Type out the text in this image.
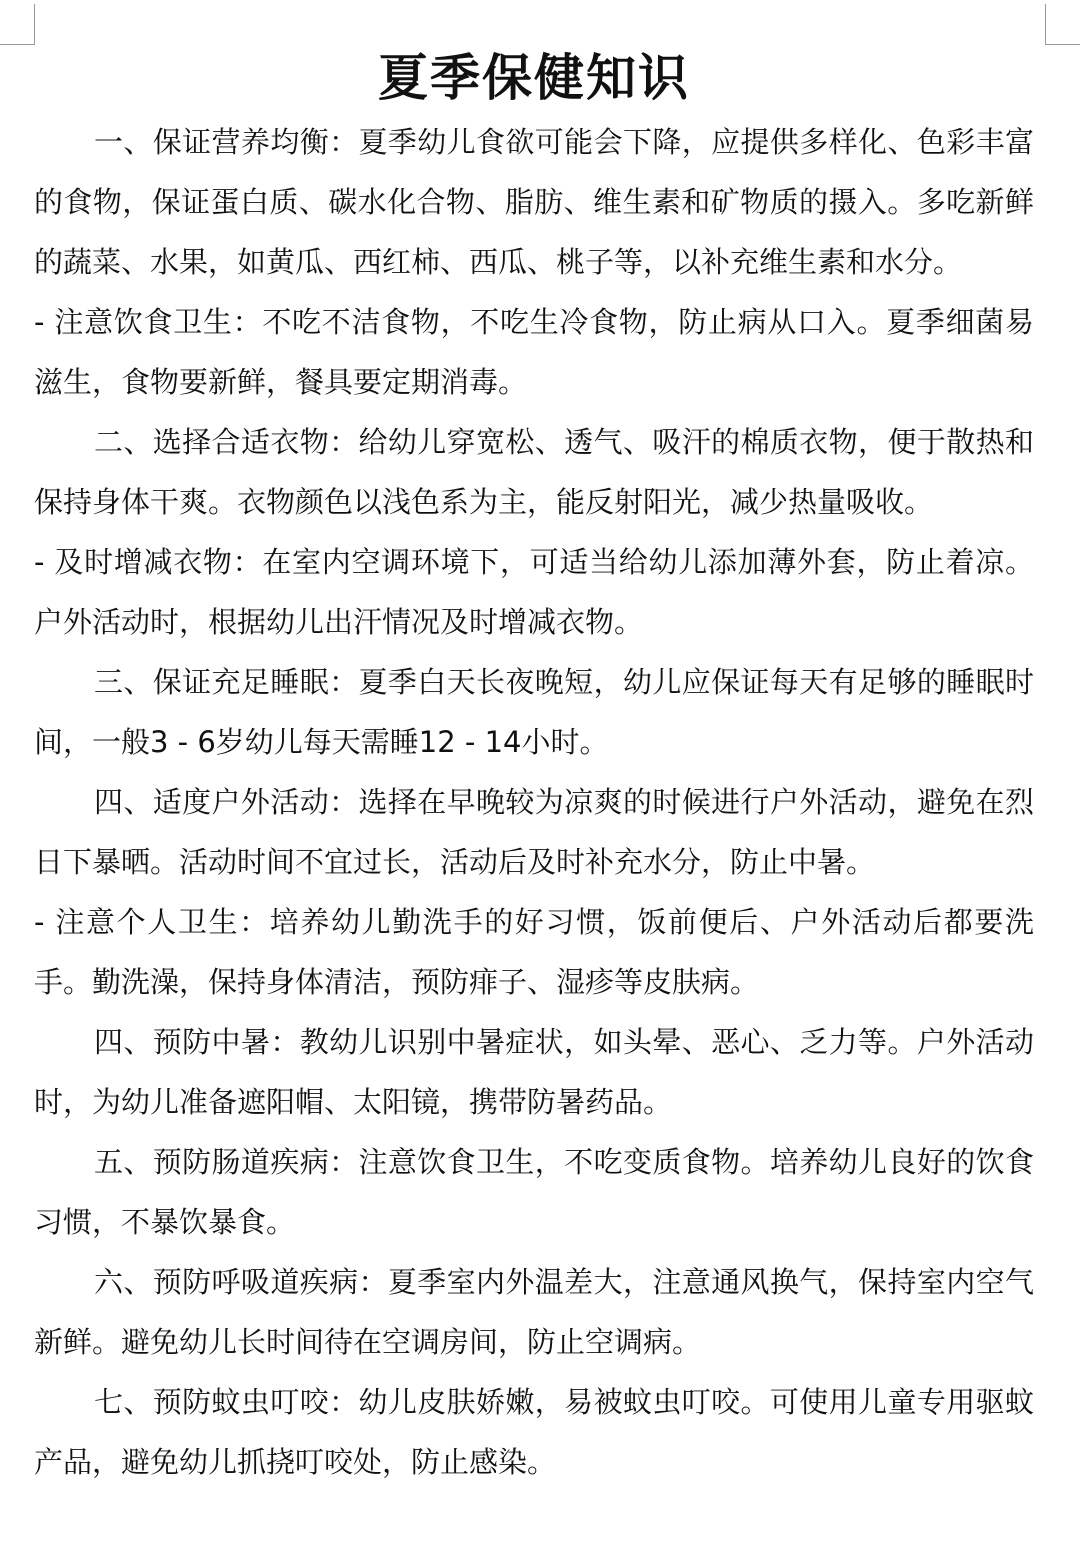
夏季保健知识

一、保证营养均衡：夏季幼儿食欲可能会下降，应提供多样化、色彩丰富的食物，保证蛋白质、碳水化合物、脂肪、维生素和矿物质的摄入。多吃新鲜的蔬菜、水果，如黄瓜、西红柿、西瓜、桃子等，以补充维生素和水分。

- 注意饮食卫生：不吃不洁食物，不吃生冷食物，防止病从口入。夏季细菌易滋生，食物要新鲜，餐具要定期消毒。

二、选择合适衣物：给幼儿穿宽松、透气、吸汗的棉质衣物，便于散热和保持身体干爽。衣物颜色以浅色系为主，能反射阳光，减少热量吸收。

- 及时增减衣物：在室内空调环境下，可适当给幼儿添加薄外套，防止着凉。户外活动时，根据幼儿出汗情况及时增减衣物。

三、保证充足睡眠：夏季白天长夜晚短，幼儿应保证每天有足够的睡眠时间，一般3 - 6岁幼儿每天需睡12 - 14小时。

四、适度户外活动：选择在早晚较为凉爽的时候进行户外活动，避免在烈日下暴晒。活动时间不宜过长，活动后及时补充水分，防止中暑。

- 注意个人卫生：培养幼儿勤洗手的好习惯，饭前便后、户外活动后都要洗手。勤洗澡，保持身体清洁，预防痱子、湿疹等皮肤病。

四、预防中暑：教幼儿识别中暑症状，如头晕、恶心、乏力等。户外活动时，为幼儿准备遮阳帽、太阳镜，携带防暑药品。

五、预防肠道疾病：注意饮食卫生，不吃变质食物。培养幼儿良好的饮食习惯，不暴饮暴食。

六、预防呼吸道疾病：夏季室内外温差大，注意通风换气，保持室内空气新鲜。避免幼儿长时间待在空调房间，防止空调病。

七、预防蚊虫叮咬：幼儿皮肤娇嫩，易被蚊虫叮咬。可使用儿童专用驱蚊产品，避免幼儿抓挠叮咬处，防止感染。
